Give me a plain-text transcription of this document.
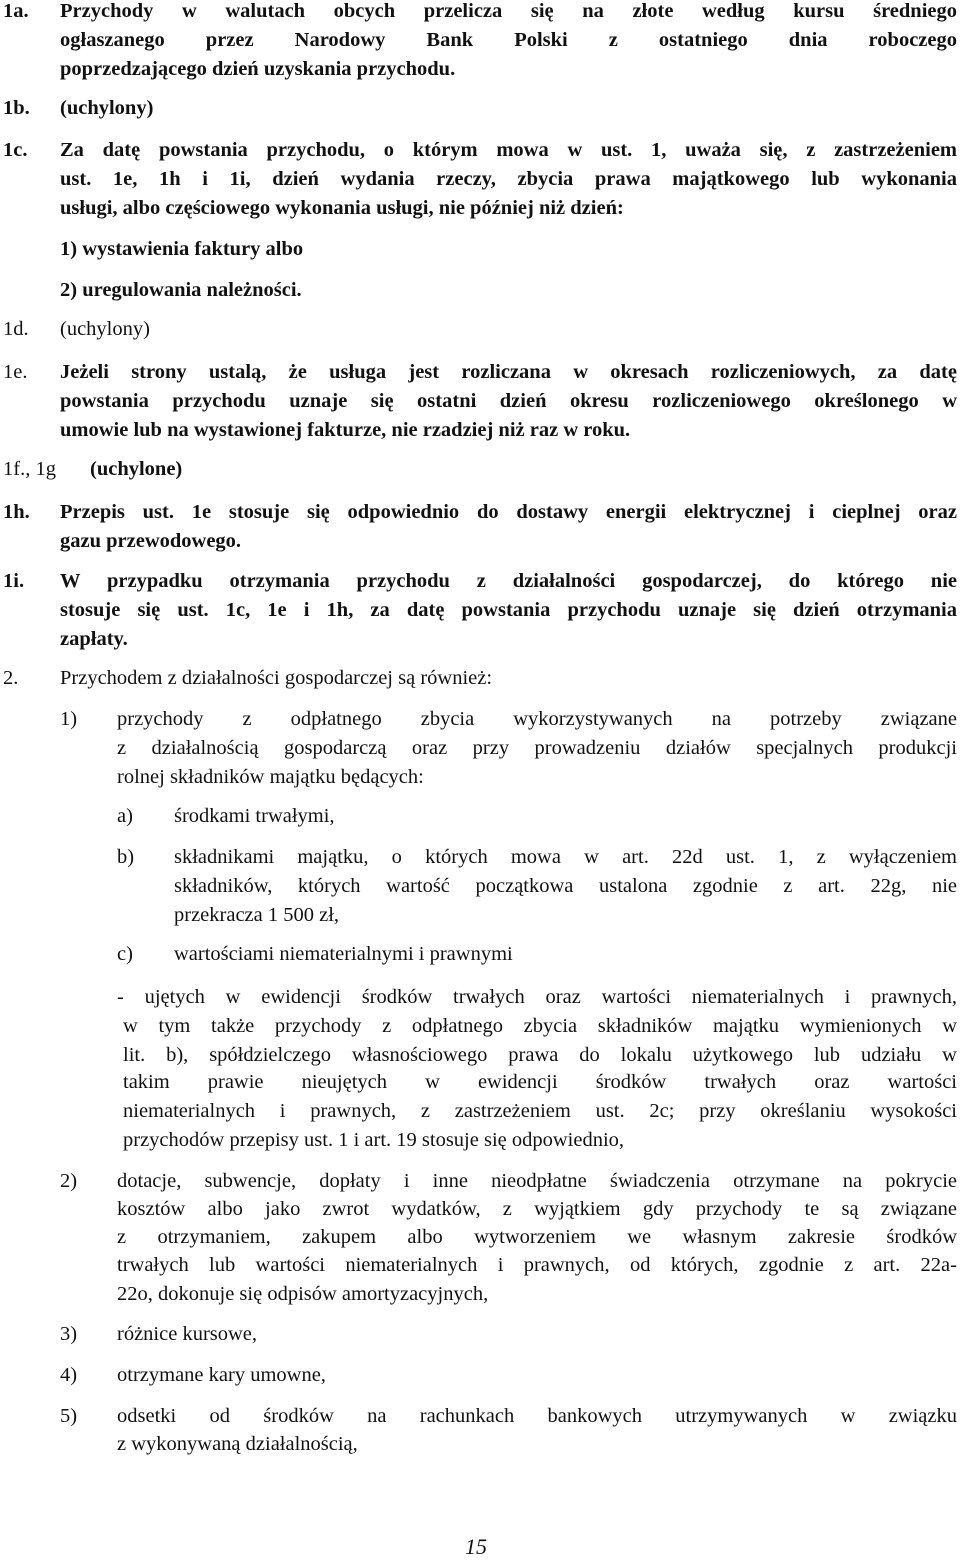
1a. Przychody w walutach obcych przelicza się na złote według kursu średniego
ogłaszanego przez Narodowy Bank Polski z ostatniego dnia roboczego
poprzedzającego dzień uzyskania przychodu.
1b. (uchylony)
1c. Za datę powstania przychodu, o którym mowa w ust. 1, uważa się, z zastrzeżeniem
ust. 1e, 1h i 1i, dzień wydania rzeczy, zbycia prawa majątkowego lub wykonania
usługi, albo częściowego wykonania usługi, nie później niż dzień:
1) wystawienia faktury albo
2) uregulowania należności.
1d. (uchylony)
1e. Jeżeli strony ustalą, że usługa jest rozliczana w okresach rozliczeniowych, za datę
powstania przychodu uznaje się ostatni dzień okresu rozliczeniowego określonego w
umowie lub na wystawionej fakturze, nie rzadziej niż raz w roku.
1f., 1g (uchylone)
1h. Przepis ust. 1e stosuje się odpowiednio do dostawy energii elektrycznej i cieplnej oraz
gazu przewodowego.
1i. W przypadku otrzymania przychodu z działalności gospodarczej, do którego nie
stosuje się ust. 1c, 1e i 1h, za datę powstania przychodu uznaje się dzień otrzymania
zapłaty.
2. Przychodem z działalności gospodarczej są również:
1) przychody z odpłatnego zbycia wykorzystywanych na potrzeby związane
z działalnością gospodarczą oraz przy prowadzeniu działów specjalnych produkcji
rolnej składników majątku będących:
a) środkami trwałymi,
b) składnikami majątku, o których mowa w art. 22d ust. 1, z wyłączeniem
składników, których wartość początkowa ustalona zgodnie z art. 22g, nie
przekracza 1 500 zł,
c) wartościami niematerialnymi i prawnymi
- ujętych w ewidencji środków trwałych oraz wartości niematerialnych i prawnych,
w tym także przychody z odpłatnego zbycia składników majątku wymienionych w
lit. b), spółdzielczego własnościowego prawa do lokalu użytkowego lub udziału w
takim prawie nieujętych w ewidencji środków trwałych oraz wartości
niematerialnych i prawnych, z zastrzeżeniem ust. 2c; przy określaniu wysokości
przychodów przepisy ust. 1 i art. 19 stosuje się odpowiednio,
2) dotacje, subwencje, dopłaty i inne nieodpłatne świadczenia otrzymane na pokrycie
kosztów albo jako zwrot wydatków, z wyjątkiem gdy przychody te są związane
z otrzymaniem, zakupem albo wytworzeniem we własnym zakresie środków
trwałych lub wartości niematerialnych i prawnych, od których, zgodnie z art. 22a-
22o, dokonuje się odpisów amortyzacyjnych,
3) różnice kursowe,
4) otrzymane kary umowne,
5) odsetki od środków na rachunkach bankowych utrzymywanych w związku
z wykonywaną działalnością,
15
